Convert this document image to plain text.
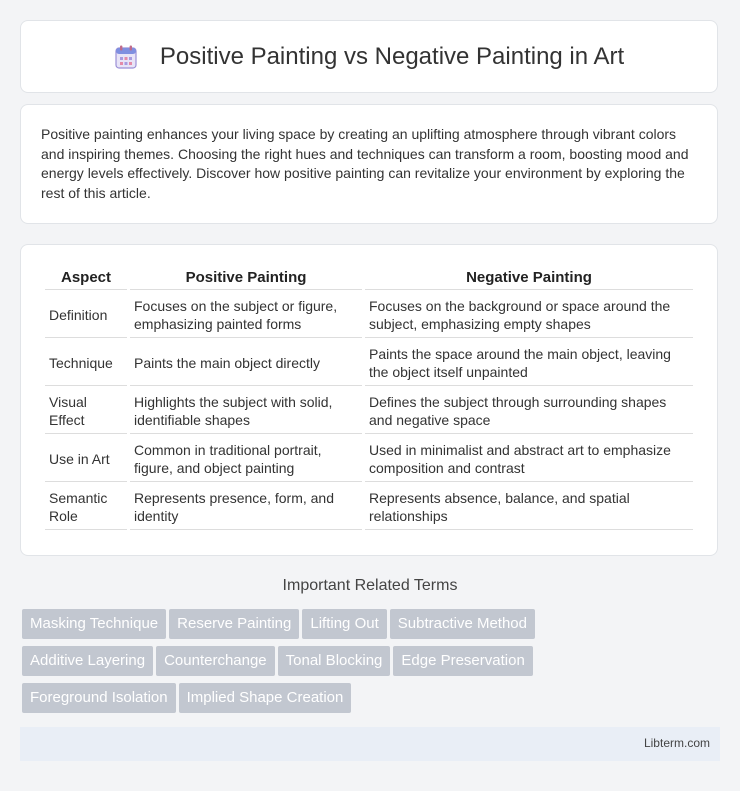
Positive Painting vs Negative Painting in Art

Positive painting enhances your living space by creating an uplifting atmosphere through vibrant colors and inspiring themes. Choosing the right hues and techniques can transform a room, boosting mood and energy levels effectively. Discover how positive painting can revitalize your environment by exploring the rest of this article.

Aspect	Positive Painting	Negative Painting
Definition	Focuses on the subject or figure, emphasizing painted forms	Focuses on the background or space around the subject, emphasizing empty shapes
Technique	Paints the main object directly	Paints the space around the main object, leaving the object itself unpainted
Visual Effect	Highlights the subject with solid, identifiable shapes	Defines the subject through surrounding shapes and negative space
Use in Art	Common in traditional portrait, figure, and object painting	Used in minimalist and abstract art to emphasize composition and contrast
Semantic Role	Represents presence, form, and identity	Represents absence, balance, and spatial relationships
Important Related Terms
Masking Technique Reserve Painting Lifting Out Subtractive Method
Additive Layering Counterchange Tonal Blocking Edge Preservation
Foreground Isolation Implied Shape Creation
Libterm.com
